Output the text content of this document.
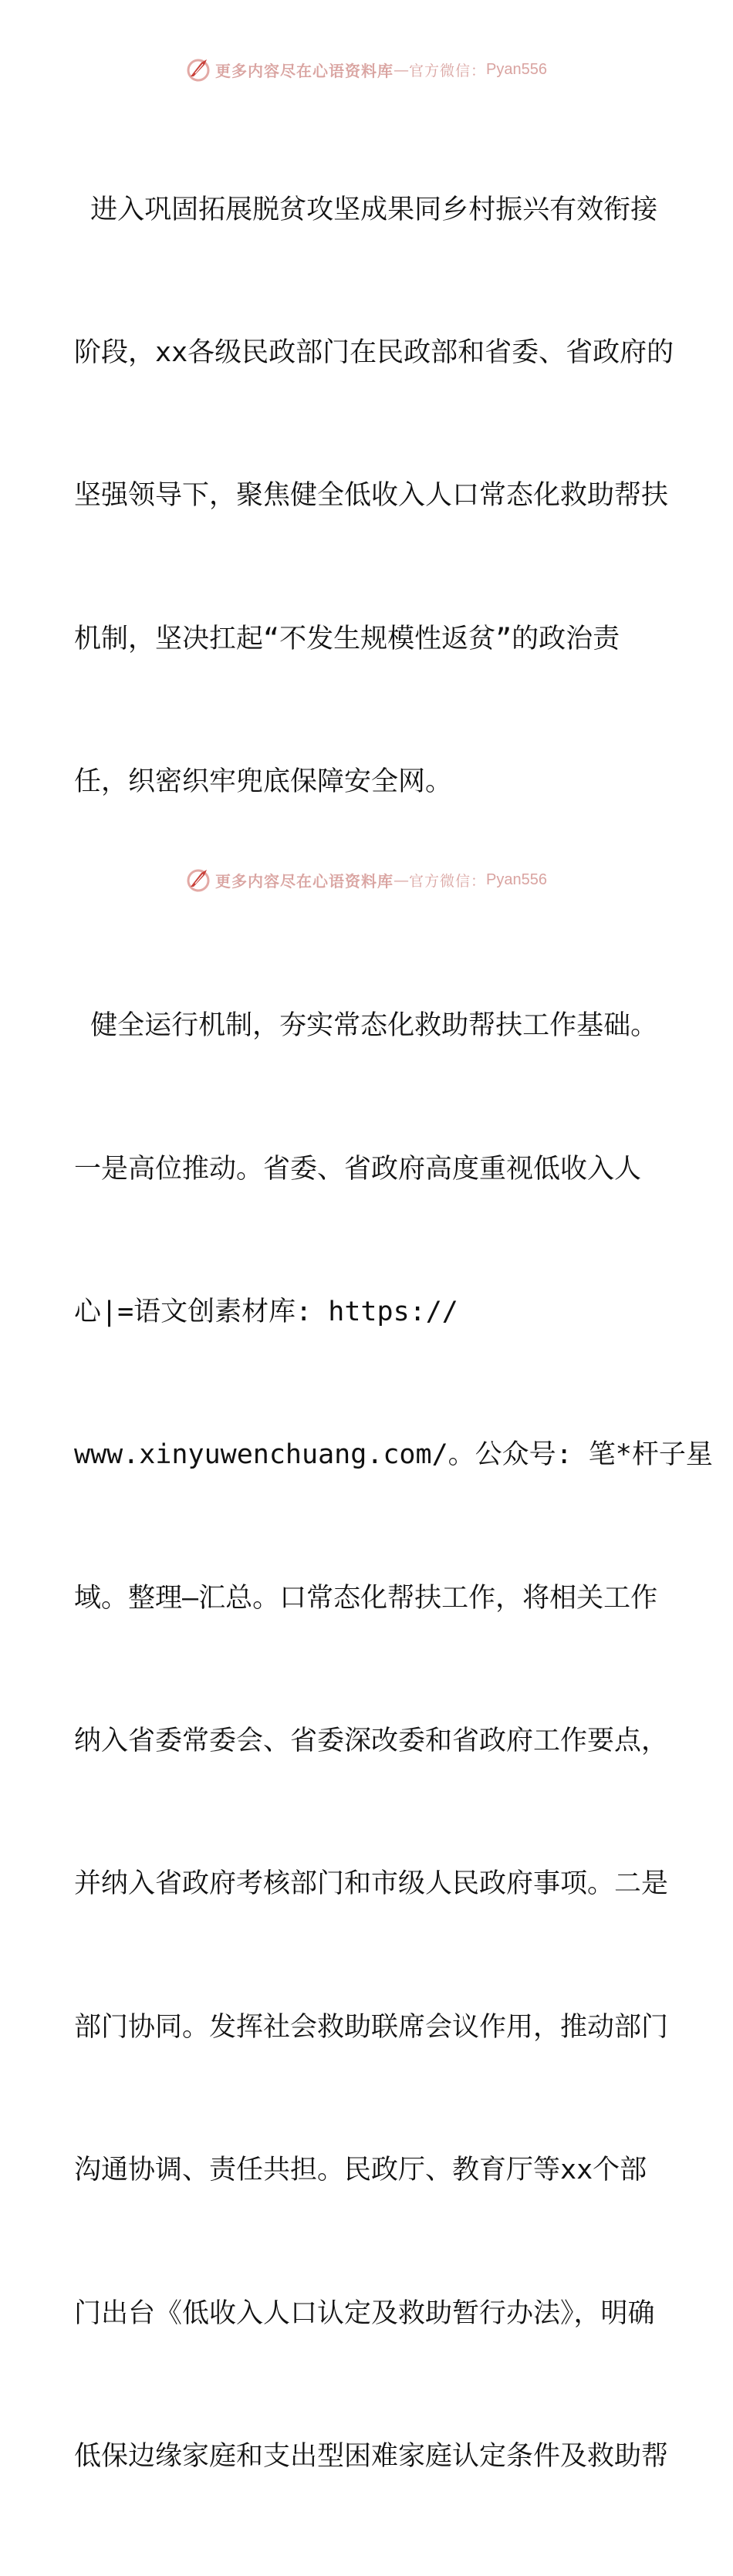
更多内容尽在心语资料库 — 官方微信： Pyan556

进入巩固拓展脱贫攻坚成果同乡村振兴有效衔接

阶段，xx各级民政部门在民政部和省委、省政府的

坚强领导下，聚焦健全低收入人口常态化救助帮扶

机制，坚决扛起“不发生规模性返贫”的政治责

任，织密织牢兜底保障安全网。

健全运行机制，夯实常态化救助帮扶工作基础。

一是高位推动。省委、省政府高度重视低收入人

心|=语文创素材库: https://

www.xinyuwenchuang.com/。公众号: 笔*杆子星

域。整理—汇总。口常态化帮扶工作，将相关工作

纳入省委常委会、省委深改委和省政府工作要点，

并纳入省政府考核部门和市级人民政府事项。二是

部门协同。发挥社会救助联席会议作用，推动部门

沟通协调、责任共担。民政厅、教育厅等xx个部

门出台《低收入人口认定及救助暂行办法》，明确

低保边缘家庭和支出型困难家庭认定条件及救助帮

更多内容尽在心语资料库 — 官方微信： Pyan556
